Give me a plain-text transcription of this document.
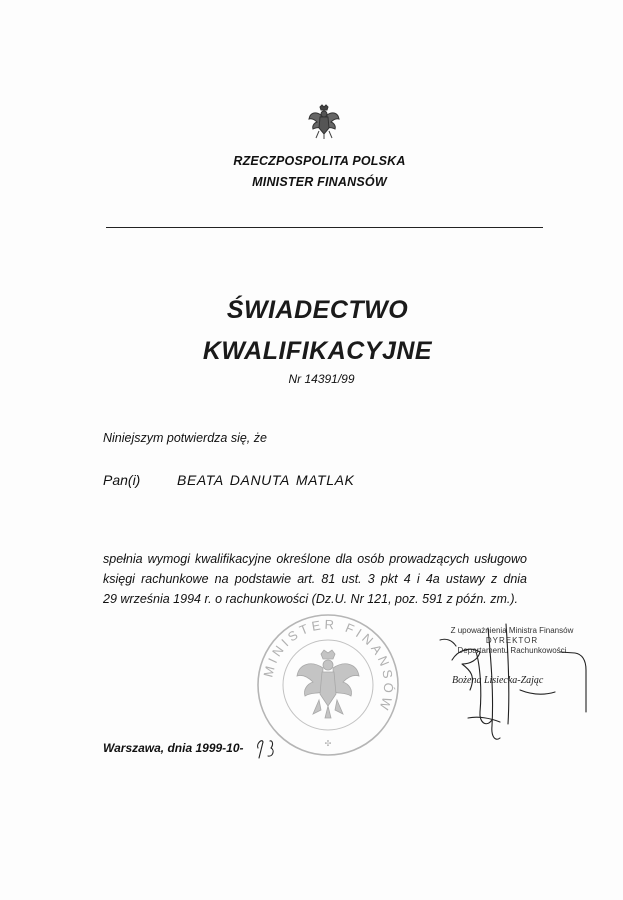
RZECZPOSPOLITA POLSKA
MINISTER FINANSÓW
ŚWIADECTWO
KWALIFIKACYJNE
Nr 14391/99
Niniejszym potwierdza się, że
Pan(i)	BEATA DANUTA MATLAK
spełnia wymogi kwalifikacyjne określone dla osób prowadzących usługowo
księgi rachunkowe na podstawie art. 81 ust. 3 pkt 4 i 4a ustawy z dnia
29 września 1994 r. o rachunkowości (Dz.U. Nr 121, poz. 591 z późn. zm.).
MINISTER FINANSÓW
✣
Z upoważnienia Ministra Finansów
DYREKTOR
Departamentu Rachunkowości
Bożena Lisiecka-Zając
Warszawa, dnia 1999-10-
